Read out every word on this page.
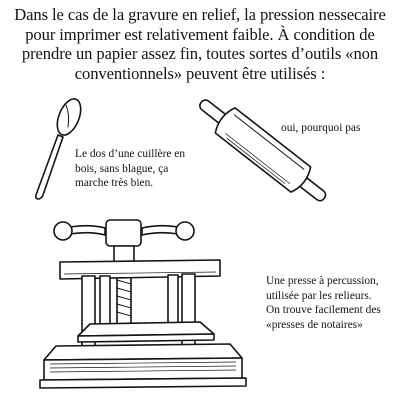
Dans le cas de la gravure en relief, la pression nessecaire pour imprimer est relativement faible. À condition de prendre un papier assez fin, toutes sortes d’outils «non conventionnels» peuvent être utilisés :

Le dos d’une cuillère en bois, sans blague, ça marche très bien.

oui, pourquoi pas

Une presse à percussion, utilisée par les relieurs. On trouve facilement des «presses de notaires»
